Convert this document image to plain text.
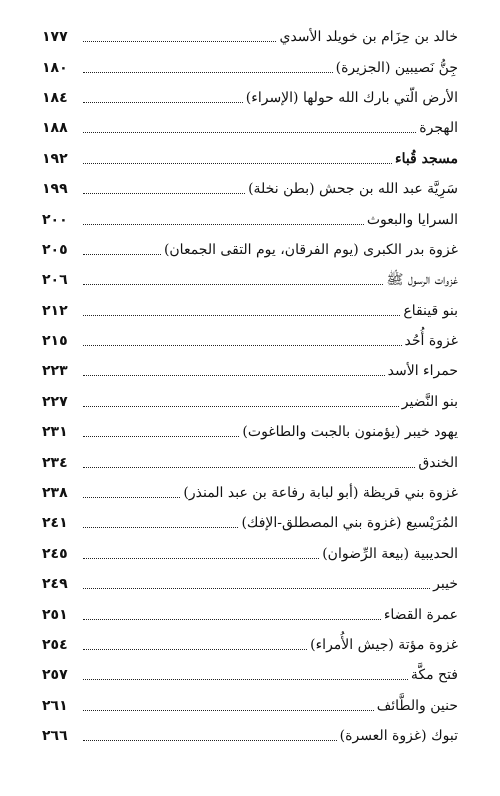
خالد بن حِزَام بن خويلد الأسدي
١٧٧
جِنُّ نَصيبين (الجزيرة)
١٨٠
الأرض الّتي بارك الله حولها (الإسراء)
١٨٤
الهجرة
١٨٨
مسجد قُباء
١٩٢
سَرِيَّة عبد الله بن جحش (بطن نخلة)
١٩٩
السرايا والبعوث
٢٠٠
غزوة بدر الكبرى (يوم الفرقان، يوم التقى الجمعان)
٢٠٥
غزوات الرسول ﷺ
٢٠٦
بنو قينقاع
٢١٢
غزوة أُحُد
٢١٥
حمراء الأسد
٢٢٣
بنو النَّضير
٢٢٧
يهود خيبر (يؤمنون بالجبت والطاغوت)
٢٣١
الخندق
٢٣٤
غزوة بني قريظة (أبو لبابة رفاعة بن عبد المنذر)
٢٣٨
المُرَيْسيع (غزوة بني المصطلق-الإفك)
٢٤١
الحديبية (بيعة الرِّضوان)
٢٤٥
خيبر
٢٤٩
عمرة القضاء
٢٥١
غزوة مؤتة (جيش الأُمراء)
٢٥٤
فتح مكَّة
٢٥٧
حنين والطَّائف
٢٦١
تبوك (غزوة العسرة)
٢٦٦
